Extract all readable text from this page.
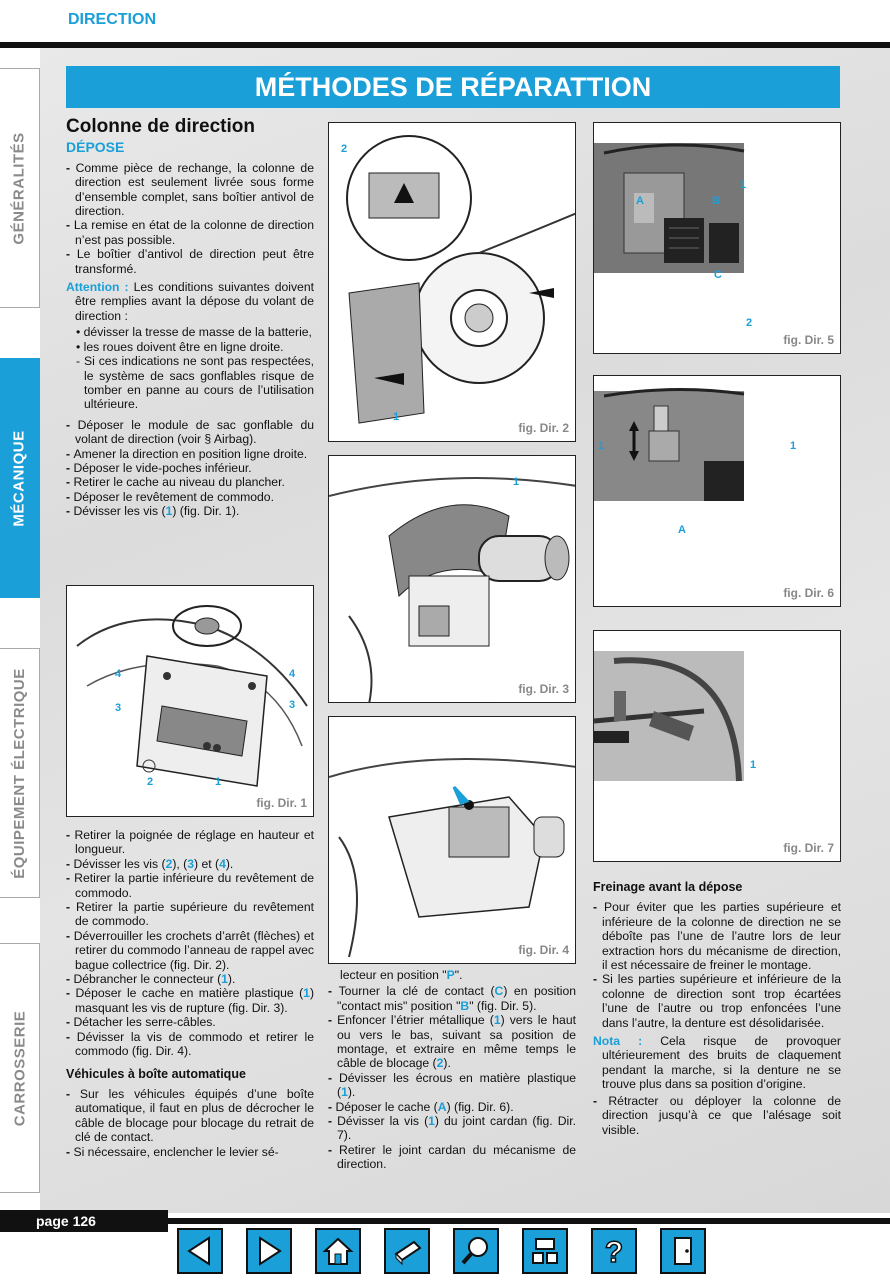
DIRECTION
GÉNÉRALITÉS
MÉCANIQUE
ÉQUIPEMENT ÉLECTRIQUE
CARROSSERIE
MÉTHODES DE RÉPARATTION
Colonne de direction
DÉPOSE

- Comme pièce de rechange, la colonne de direction est seulement livrée sous forme d’ensemble complet, sans boîtier antivol de direction.

- La remise en état de la colonne de direction n’est pas possible.

- Le boîtier d’antivol de direction peut être transformé.

Attention : Les conditions suivantes doivent être remplies avant la dépose du volant de direction :

• dévisser la tresse de masse de la batterie,

• les roues doivent être en ligne droite.

- Si ces indications ne sont pas respectées, le système de sacs gonflables risque de tomber en panne au cours de l’utilisation ultérieure.

- Déposer le module de sac gonflable du volant de direction (voir § Airbag).

- Amener la direction en position ligne droite.

- Déposer le vide-poches inférieur.

- Retirer le cache au niveau du plancher.

- Déposer le revêtement de commodo.

- Dévisser les vis (1) (fig. Dir. 1).

- Retirer la poignée de réglage en hauteur et longueur.

- Dévisser les vis (2), (3) et (4).

- Retirer la partie inférieure du revêtement de commodo.

- Retirer la partie supérieure du revêtement de commodo.

- Déverrouiller les crochets d’arrêt (flèches) et retirer du commodo l’anneau de rappel avec bague collectrice (fig. Dir. 2).

- Débrancher le connecteur (1).

- Déposer le cache en matière plastique (1) masquant les vis de rupture (fig. Dir. 3).

- Détacher les serre-câbles.

- Dévisser la vis de commodo et retirer le commodo (fig. Dir. 4).

Véhicules à boîte automatique

- Sur les véhicules équipés d’une boîte automatique, il faut en plus de décrocher le câble de blocage pour blocage du retrait de clé de contact.

- Si nécessaire, enclencher le levier sé-

lecteur en position "P".

- Tourner la clé de contact (C) en position "contact mis" position "B" (fig. Dir. 5).

- Enfoncer l’étrier métallique (1) vers le haut ou vers le bas, suivant sa position de montage, et extraire en même temps le câble de blocage (2).

- Dévisser les écrous en matière plastique (1).

- Déposer le cache (A) (fig. Dir. 6).

- Dévisser la vis (1) du joint cardan (fig. Dir. 7).

- Retirer le joint cardan du mécanisme de direction.

Freinage avant la dépose

- Pour éviter que les parties supérieure et inférieure de la colonne de direction ne se déboîte pas l’une de l’autre lors de leur extraction hors du mécanisme de direction, il est nécessaire de freiner le montage.

- Si les parties supérieure et inférieure de la colonne de direction sont trop écartées l’une de l’autre ou trop enfoncées l’une dans l’autre, la denture est désolidarisée.

Nota : Cela risque de provoquer ultérieurement des bruits de claquement pendant la marche, si la denture ne se trouve plus dans sa position d’origine.

- Rétracter ou déployer la colonne de direction jusqu’à ce que l’alésage soit visible.

4	4
3	3
2	1
fig. Dir. 1
2
1
fig. Dir. 2
1
fig. Dir. 3
fig. Dir. 4
1
A	B
C
2
fig. Dir. 5
1	1
A
fig. Dir. 6
1
fig. Dir. 7
page 126
?
